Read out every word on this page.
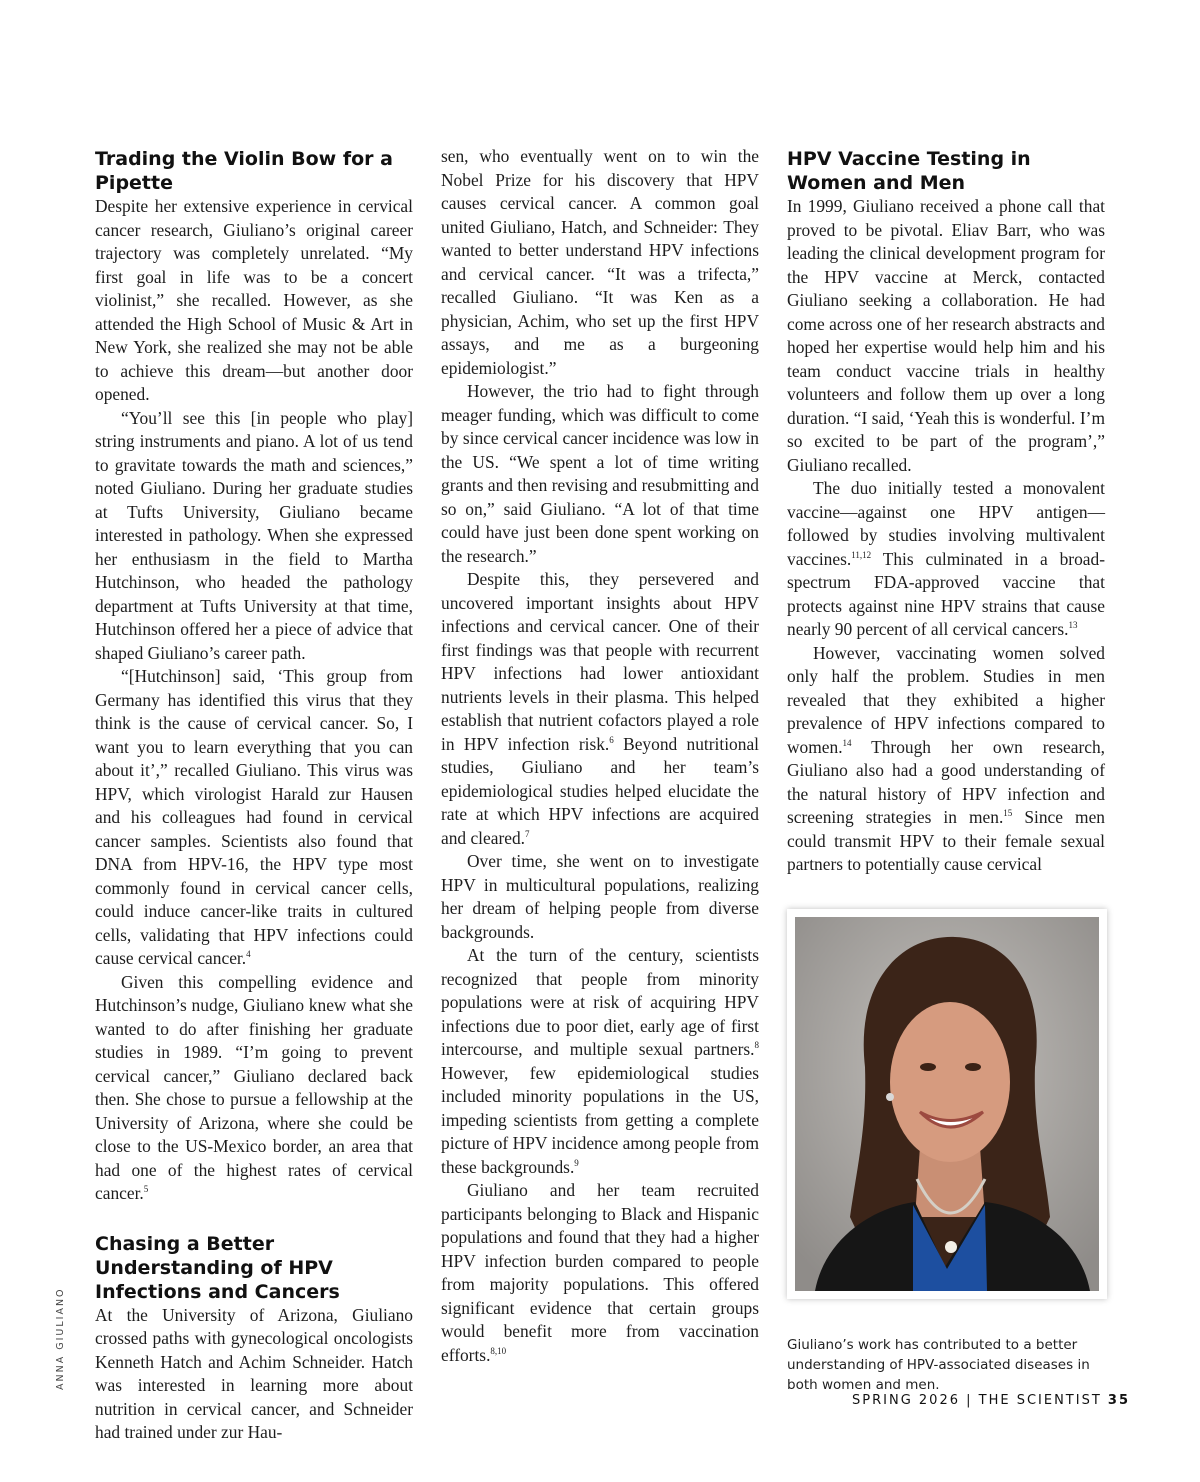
ANNA GIULIANO
Trading the Violin Bow for a Pipette

Despite her extensive experience in cervical cancer research, Giuliano’s original career trajectory was completely unrelated. “My first goal in life was to be a concert violinist,” she recalled. However, as she attended the High School of Music & Art in New York, she realized she may not be able to achieve this dream—but another door opened.

“You’ll see this [in people who play] string instruments and piano. A lot of us tend to gravitate towards the math and sciences,” noted Giuliano. During her graduate studies at Tufts University, Giuliano became interested in pathology. When she expressed her enthusiasm in the field to Martha Hutchinson, who headed the pathology department at Tufts University at that time, Hutchinson offered her a piece of advice that shaped Giuliano’s career path.

“[Hutchinson] said, ‘This group from Germany has identified this virus that they think is the cause of cervical cancer. So, I want you to learn everything that you can about it’,” recalled Giuliano. This virus was HPV, which virologist Harald zur Hausen and his colleagues had found in cervical cancer samples. Scientists also found that DNA from HPV-16, the HPV type most commonly found in cervical cancer cells, could induce cancer-like traits in cultured cells, validating that HPV infections could cause cervical cancer.$^4$

Given this compelling evidence and Hutchinson’s nudge, Giuliano knew what she wanted to do after finishing her graduate studies in 1989. “I’m going to prevent cervical cancer,” Giuliano declared back then. She chose to pursue a fellowship at the University of Arizona, where she could be close to the US-Mexico border, an area that had one of the highest rates of cervical cancer.$^5$

Chasing a Better Understanding of HPV Infections and Cancers

At the University of Arizona, Giuliano crossed paths with gynecological oncologists Kenneth Hatch and Achim Schneider. Hatch was interested in learning more about nutrition in cervical cancer, and Schneider had trained under zur Hau-

sen, who eventually went on to win the Nobel Prize for his discovery that HPV causes cervical cancer. A common goal united Giuliano, Hatch, and Schneider: They wanted to better understand HPV infections and cervical cancer. “It was a trifecta,” recalled Giuliano. “It was Ken as a physician, Achim, who set up the first HPV assays, and me as a burgeoning epidemiologist.”

However, the trio had to fight through meager funding, which was difficult to come by since cervical cancer incidence was low in the US. “We spent a lot of time writing grants and then revising and resubmitting and so on,” said Giuliano. “A lot of that time could have just been done spent working on the research.”

Despite this, they persevered and uncovered important insights about HPV infections and cervical cancer. One of their first findings was that people with recurrent HPV infections had lower antioxidant nutrients levels in their plasma. This helped establish that nutrient cofactors played a role in HPV infection risk.$^6$ Beyond nutritional studies, Giuliano and her team’s epidemiological studies helped elucidate the rate at which HPV infections are acquired and cleared.$^7$

Over time, she went on to investigate HPV in multicultural populations, realizing her dream of helping people from diverse backgrounds.

At the turn of the century, scientists recognized that people from minority populations were at risk of acquiring HPV infections due to poor diet, early age of first intercourse, and multiple sexual partners.$^8$ However, few epidemiological studies included minority populations in the US, impeding scientists from getting a complete picture of HPV incidence among people from these backgrounds.$^9$

Giuliano and her team recruited participants belonging to Black and Hispanic populations and found that they had a higher HPV infection burden compared to people from majority populations. This offered significant evidence that certain groups would benefit more from vaccination efforts.$^{8,10}$

HPV Vaccine Testing in Women and Men

In 1999, Giuliano received a phone call that proved to be pivotal. Eliav Barr, who was leading the clinical development program for the HPV vaccine at Merck, contacted Giuliano seeking a collaboration. He had come across one of her research abstracts and hoped her expertise would help him and his team conduct vaccine trials in healthy volunteers and follow them up over a long duration. “I said, ‘Yeah this is wonderful. I’m so excited to be part of the program’,” Giuliano recalled.

The duo initially tested a monovalent vaccine—against one HPV antigen—followed by studies involving multivalent vaccines.$^{11,12}$ This culminated in a broad-spectrum FDA-approved vaccine that protects against nine HPV strains that cause nearly 90 percent of all cervical cancers.$^{13}$

However, vaccinating women solved only half the problem. Studies in men revealed that they exhibited a higher prevalence of HPV infections compared to women.$^{14}$ Through her own research, Giuliano also had a good understanding of the natural history of HPV infection and screening strategies in men.$^{15}$ Since men could transmit HPV to their female sexual partners to potentially cause cervical

Giuliano’s work has contributed to a better understanding of HPV-associated diseases in both women and men.
SPRING 2026 | THE SCIENTIST 35
